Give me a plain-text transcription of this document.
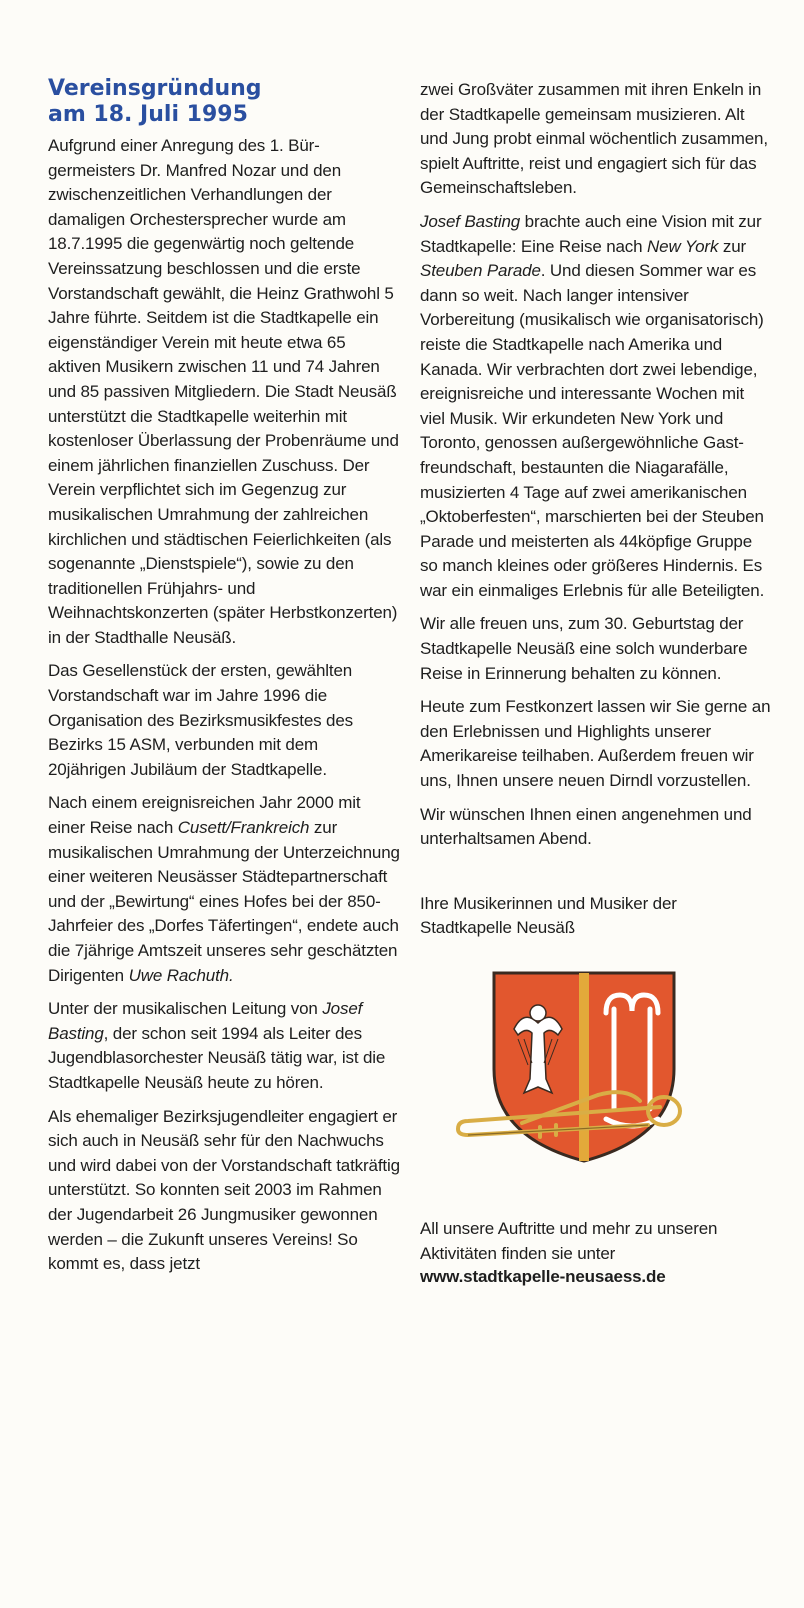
Vereinsgründung
am 18. Juli 1995

Aufgrund einer Anregung des 1. Bürgermeisters Dr. Manfred Nozar und den zwischenzeitlichen Verhandlungen der damaligen Orchestersprecher wurde am 18.7.1995 die gegenwärtig noch geltende Vereinssatzung beschlossen und die erste Vorstandschaft gewählt, die Heinz Grathwohl 5 Jahre führte. Seitdem ist die Stadtkapelle ein eigenständiger Verein mit heute etwa 65 aktiven Musikern zwischen 11 und 74 Jahren und 85 passiven Mitgliedern. Die Stadt Neusäß unterstützt die Stadtkapelle weiterhin mit kostenloser Überlassung der Probenräume und einem jährlichen finanziellen Zuschuss. Der Verein verpflichtet sich im Gegenzug zur musikalischen Umrahmung der zahlreichen kirchlichen und städtischen Feierlichkeiten (als sogenannte „Dienstspiele“), sowie zu den traditionellen Frühjahrs- und Weihnachtskonzerten (später Herbstkonzerten) in der Stadthalle Neusäß.

Das Gesellenstück der ersten, gewählten Vorstandschaft war im Jahre 1996 die Organisation des Bezirksmusikfestes des Bezirks 15 ASM, verbunden mit dem 20jährigen Jubiläum der Stadtkapelle.

Nach einem ereignisreichen Jahr 2000 mit einer Reise nach Cusett/Frankreich zur musikalischen Umrahmung der Unterzeichnung einer weiteren Neusässer Städtepartnerschaft und der „Bewirtung“ eines Hofes bei der 850-Jahrfeier des „Dorfes Täfertingen“, endete auch die 7jährige Amtszeit unseres sehr geschätzten Dirigenten Uwe Rachuth.

Unter der musikalischen Leitung von Josef Basting, der schon seit 1994 als Leiter des Jugendblasorchester Neusäß tätig war, ist die Stadtkapelle Neusäß heute zu hören.

Als ehemaliger Bezirksjugendleiter engagiert er sich auch in Neusäß sehr für den Nachwuchs und wird dabei von der Vorstandschaft tatkräftig unterstützt. So konnten seit 2003 im Rahmen der Jugendarbeit 26 Jungmusiker gewonnen werden – die Zukunft unseres Vereins! So kommt es, dass jetzt

zwei Großväter zusammen mit ihren Enkeln in der Stadtkapelle gemeinsam musizieren. Alt und Jung probt einmal wöchentlich zusammen, spielt Auftritte, reist und engagiert sich für das Gemeinschaftsleben.

Josef Basting brachte auch eine Vision mit zur Stadtkapelle: Eine Reise nach New York zur Steuben Parade. Und diesen Sommer war es dann so weit. Nach langer intensiver Vorbereitung (musikalisch wie organisatorisch) reiste die Stadtkapelle nach Amerika und Kanada. Wir verbrachten dort zwei lebendige, ereignisreiche und interessante Wochen mit viel Musik. Wir erkundeten New York und Toronto, genossen außergewöhnliche Gastfreundschaft, bestaunten die Niagarafälle, musizierten 4 Tage auf zwei amerikanischen „Oktoberfesten“, marschierten bei der Steuben Parade und meisterten als 44köpfige Gruppe so manch kleines oder größeres Hindernis. Es war ein einmaliges Erlebnis für alle Beteiligten.

Wir alle freuen uns, zum 30. Geburtstag der Stadtkapelle Neusäß eine solch wunderbare Reise in Erinnerung behalten zu können.

Heute zum Festkonzert lassen wir Sie gerne an den Erlebnissen und Highlights unserer Amerikareise teilhaben. Außerdem freuen wir uns, Ihnen unsere neuen Dirndl vorzustellen.

Wir wünschen Ihnen einen angenehmen und unterhaltsamen Abend.

Ihre Musikerinnen und Musiker der Stadtkapelle Neusäß

All unsere Auftritte und mehr zu unseren Aktivitäten finden sie unter

www.stadtkapelle-neusaess.de
